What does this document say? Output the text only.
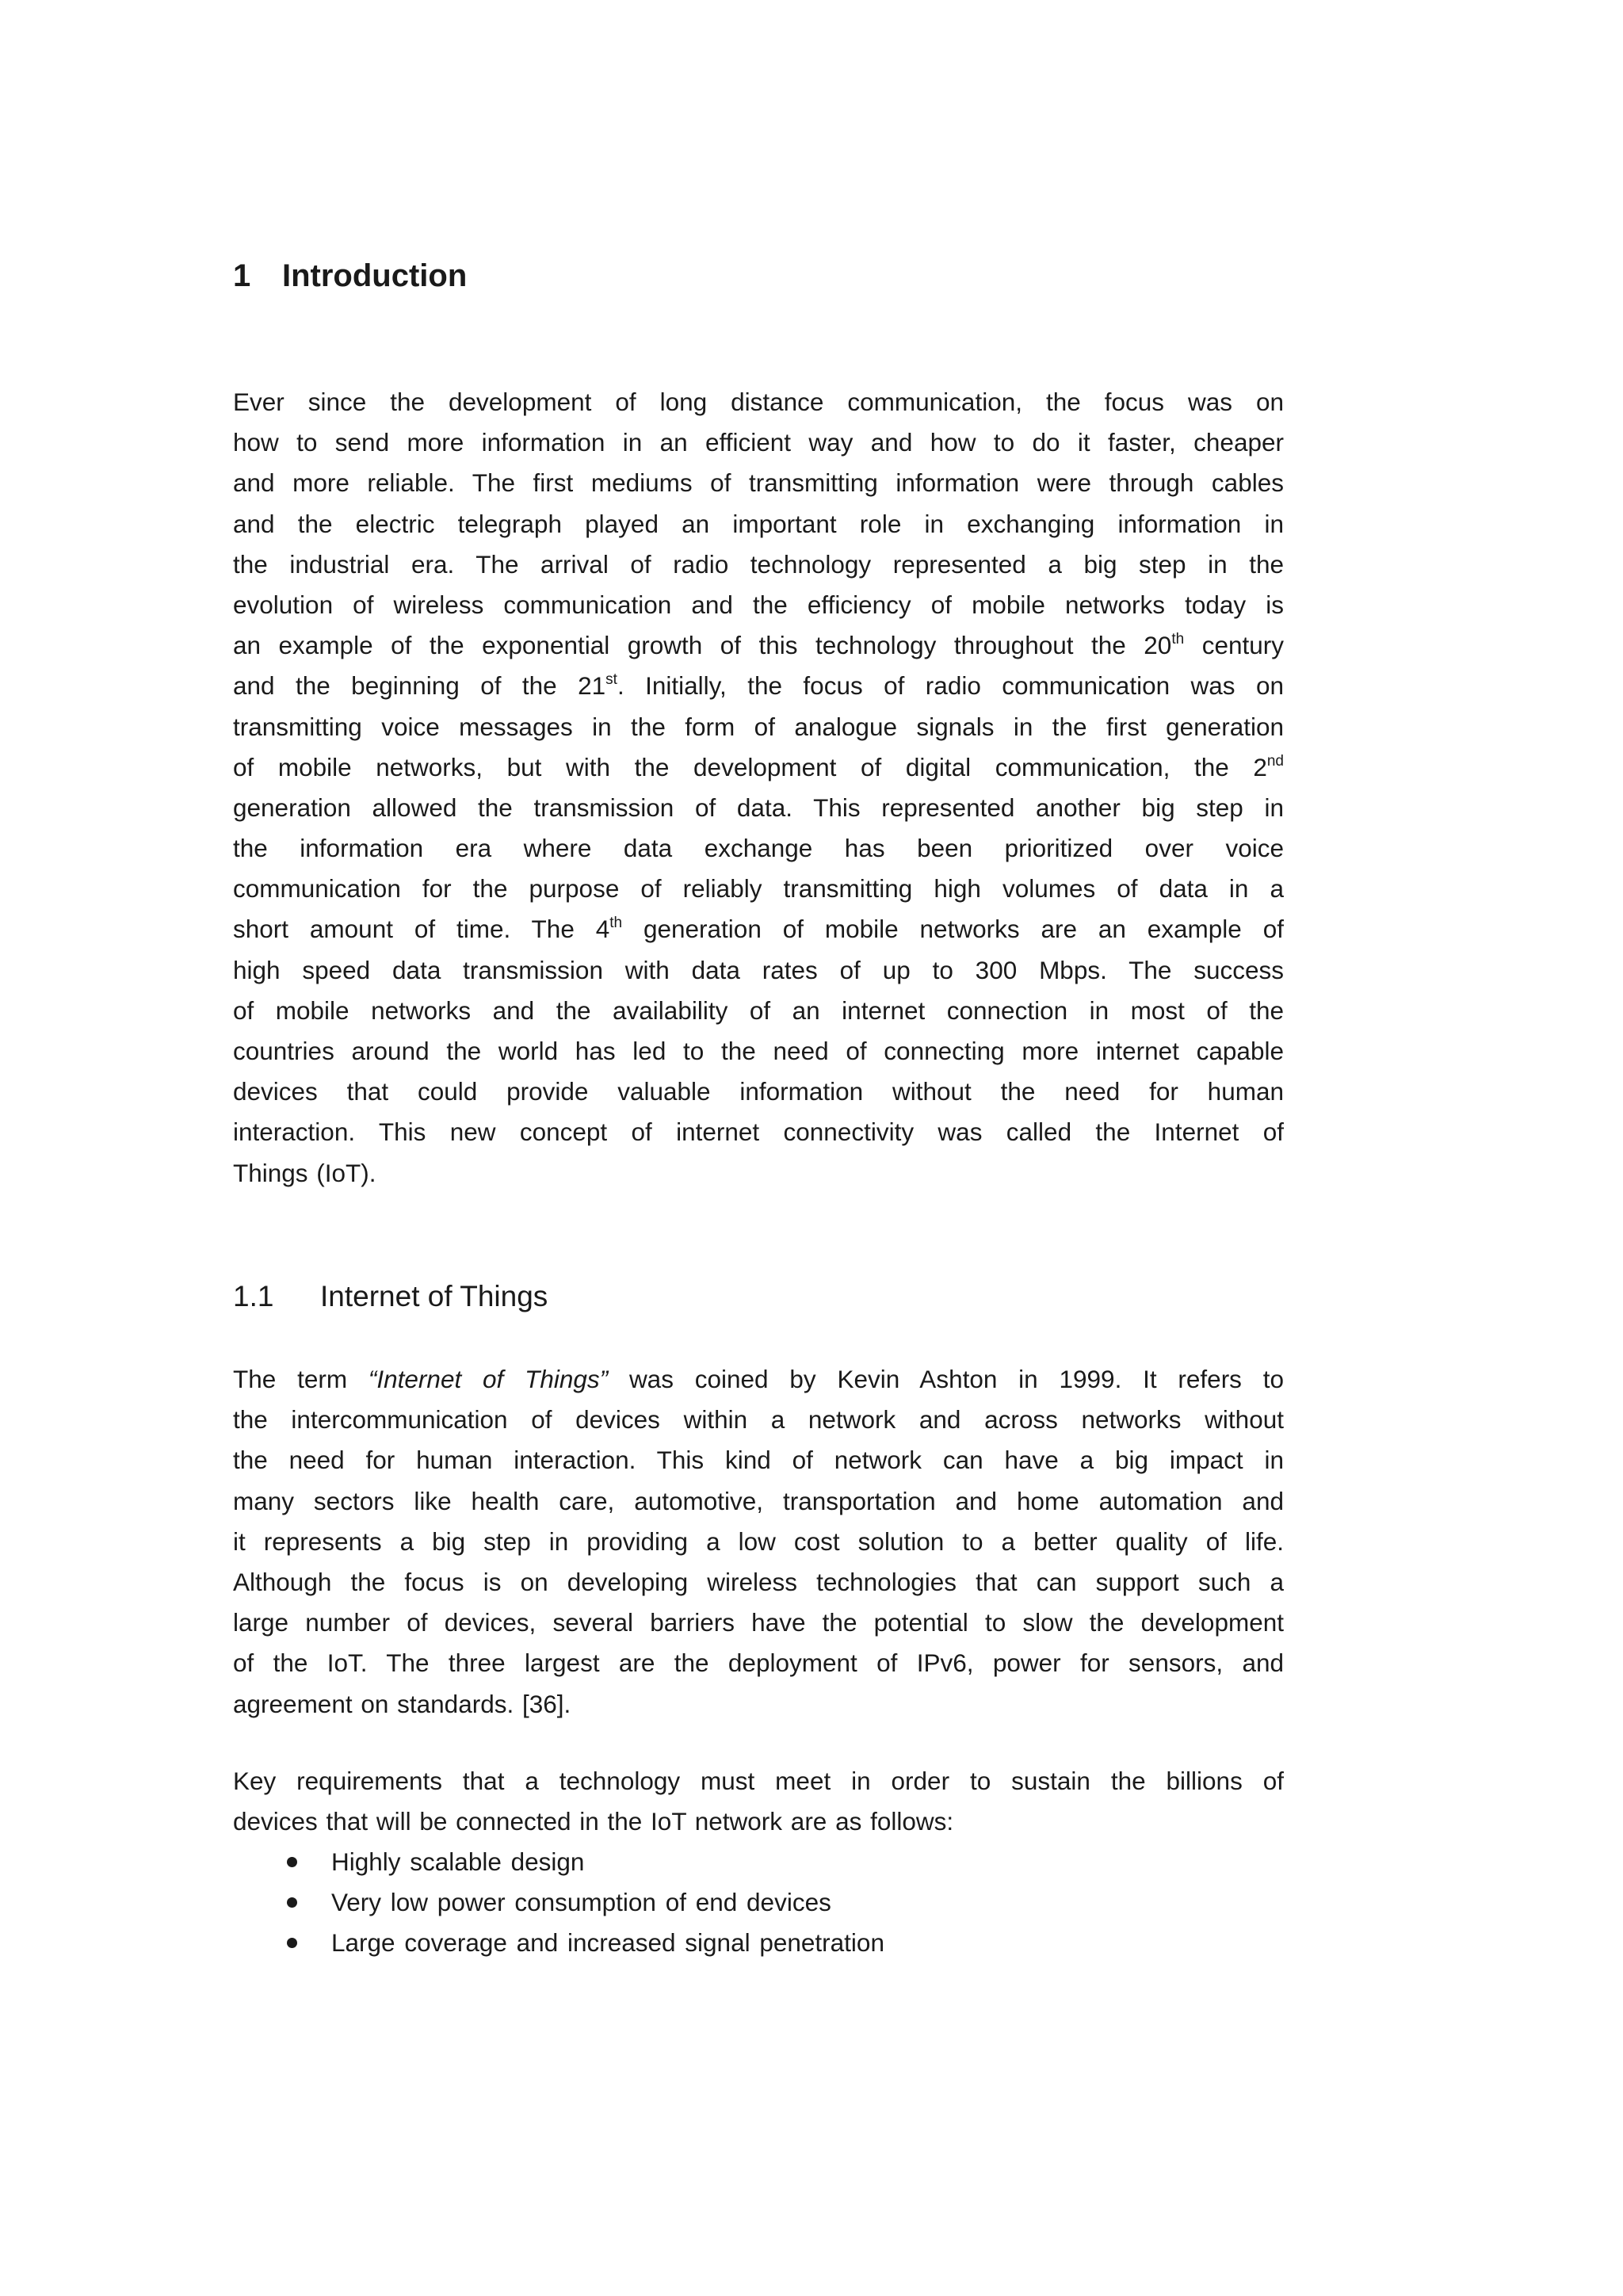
1 Introduction
Ever since the development of long distance communication, the focus was on
how to send more information in an efficient way and how to do it faster, cheaper
and more reliable. The first mediums of transmitting information were through cables
and the electric telegraph played an important role in exchanging information in
the industrial era. The arrival of radio technology represented a big step in the
evolution of wireless communication and the efficiency of mobile networks today is
an example of the exponential growth of this technology throughout the 20th century
and the beginning of the 21st. Initially, the focus of radio communication was on
transmitting voice messages in the form of analogue signals in the first generation
of mobile networks, but with the development of digital communication, the 2nd
generation allowed the transmission of data. This represented another big step in
the information era where data exchange has been prioritized over voice
communication for the purpose of reliably transmitting high volumes of data in a
short amount of time. The 4th generation of mobile networks are an example of
high speed data transmission with data rates of up to 300 Mbps. The success
of mobile networks and the availability of an internet connection in most of the
countries around the world has led to the need of connecting more internet capable
devices that could provide valuable information without the need for human
interaction. This new concept of internet connectivity was called the Internet of
Things (IoT).
1.1 Internet of Things
The term “Internet of Things” was coined by Kevin Ashton in 1999. It refers to
the intercommunication of devices within a network and across networks without
the need for human interaction. This kind of network can have a big impact in
many sectors like health care, automotive, transportation and home automation and
it represents a big step in providing a low cost solution to a better quality of life.
Although the focus is on developing wireless technologies that can support such a
large number of devices, several barriers have the potential to slow the development
of the IoT. The three largest are the deployment of IPv6, power for sensors, and
agreement on standards. [36].
Key requirements that a technology must meet in order to sustain the billions of
devices that will be connected in the IoT network are as follows:
Highly scalable design
Very low power consumption of end devices
Large coverage and increased signal penetration
